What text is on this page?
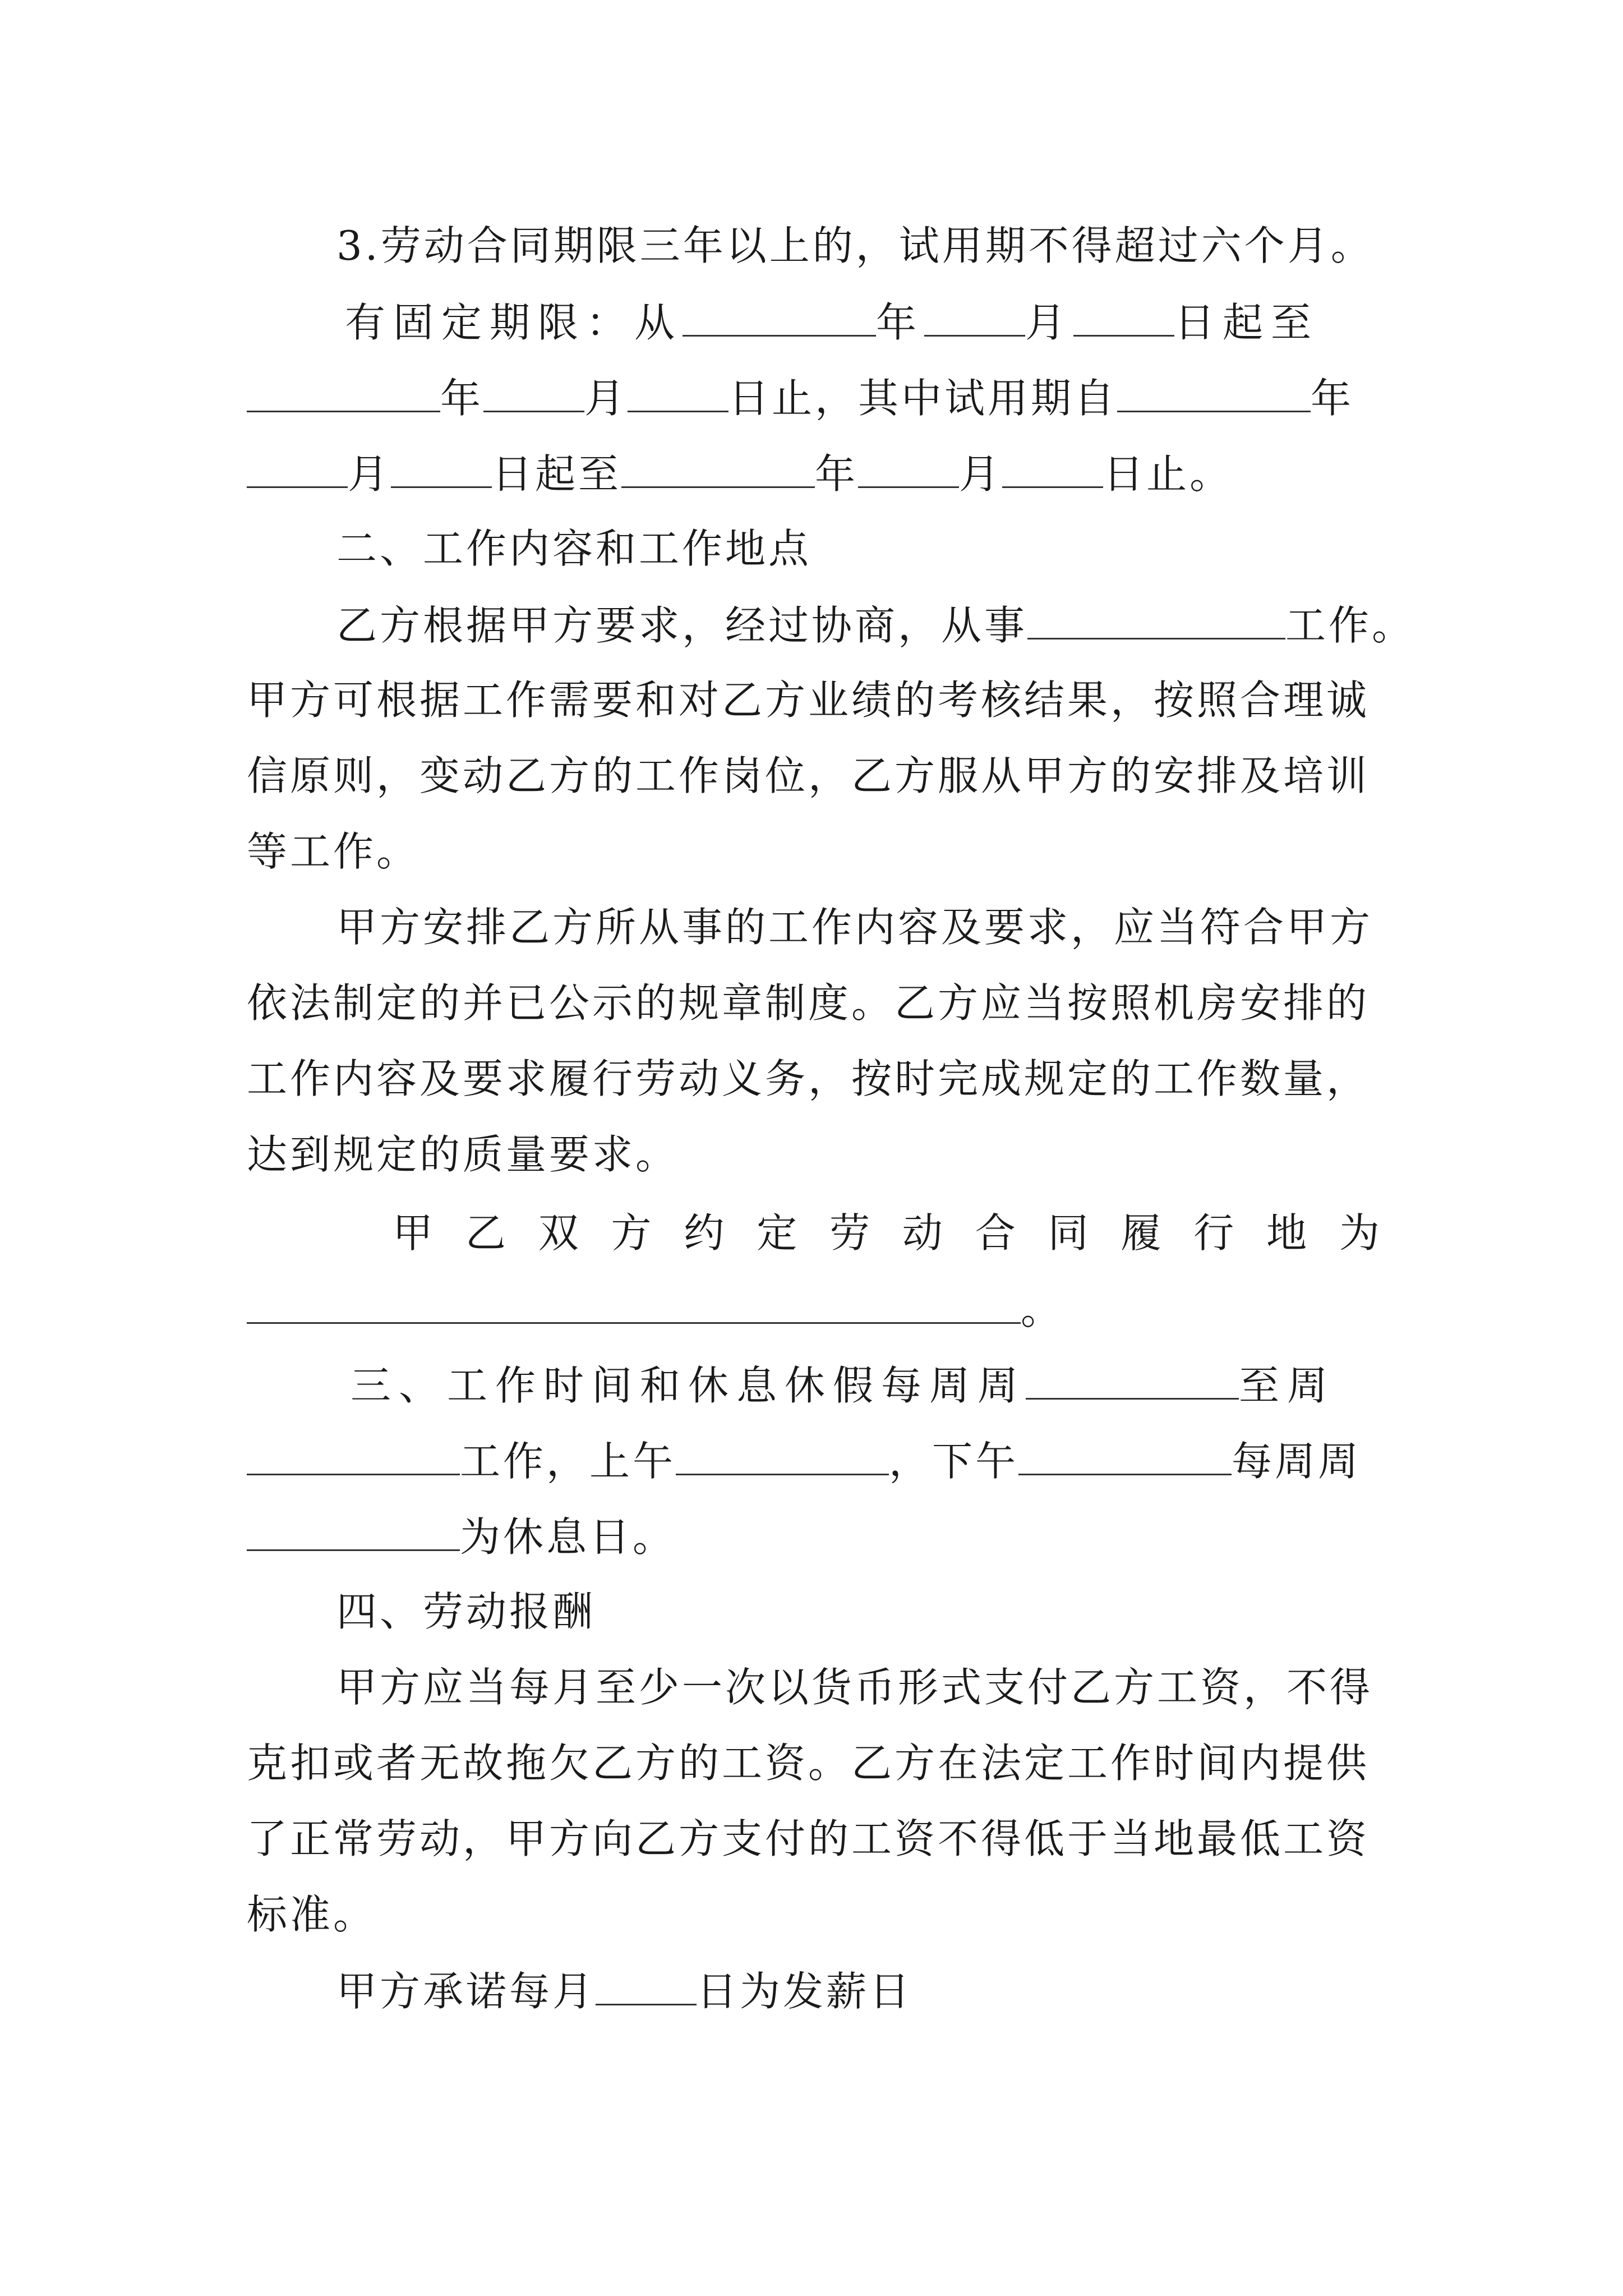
3.劳动合同期限三年以上的，试用期不得超过六个月。
有固定期限：从	年	月	日起至
年	月	日止，其中试用期自	年
月	日起至	年	月	日止。
二、工作内容和工作地点
乙方根据甲方要求，经过协商，从事	工作。
甲方可根据工作需要和对乙方业绩的考核结果，按照合理诚
信原则，变动乙方的工作岗位，乙方服从甲方的安排及培训
等工作。
甲方安排乙方所从事的工作内容及要求，应当符合甲方
依法制定的并已公示的规章制度。乙方应当按照机房安排的
工作内容及要求履行劳动义务，按时完成规定的工作数量，
达到规定的质量要求。
甲 乙 双 方 约 定 劳 动 合 同 履 行 地 为
。
三、工作时间和休息休假每周周	至周
工作，上午	，下午	每周周
为休息日。
四、劳动报酬
甲方应当每月至少一次以货币形式支付乙方工资，不得
克扣或者无故拖欠乙方的工资。乙方在法定工作时间内提供
了正常劳动，甲方向乙方支付的工资不得低于当地最低工资
标准。
甲方承诺每月	日为发薪日
